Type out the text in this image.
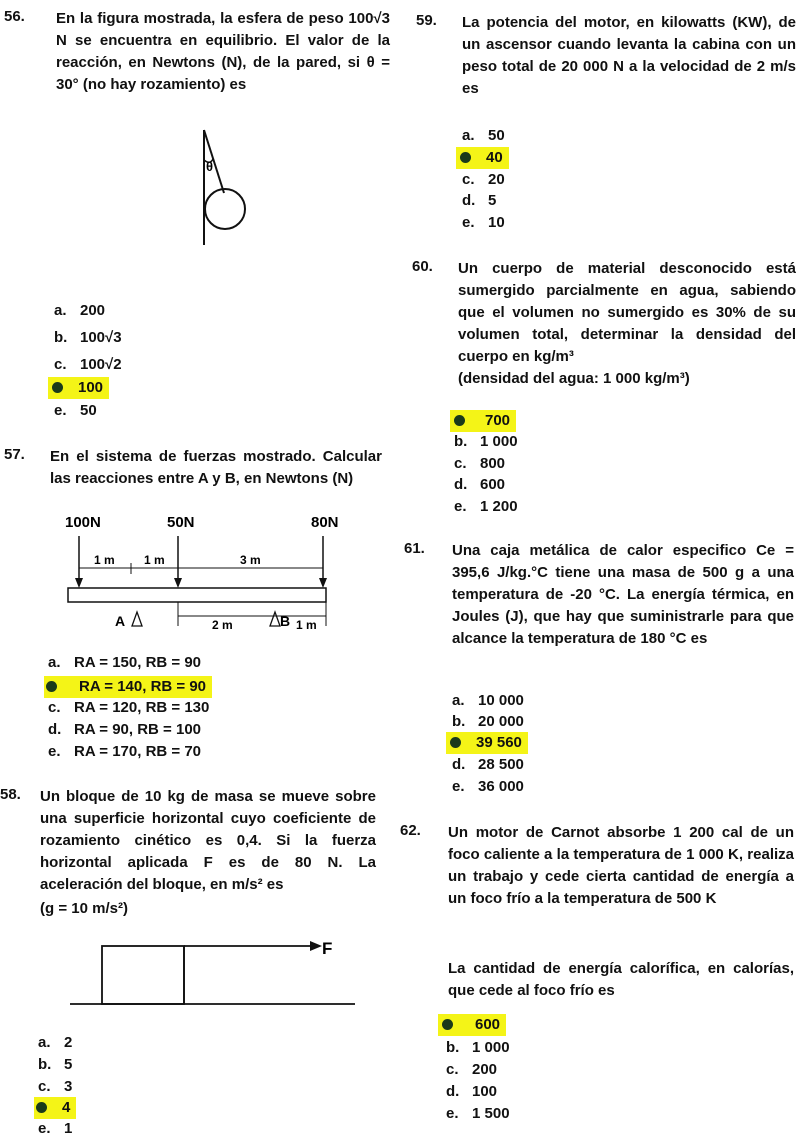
56. En la figura mostrada, la esfera de peso 100√3 N se encuentra en equilibrio. El valor de la reacción, en Newtons (N), de la pared, si θ = 30° (no hay rozamiento) es
θ
a. 200
b. 100√3
c. 100√2
100
e. 50
57. En el sistema de fuerzas mostrado. Calcular las reacciones entre A y B, en Newtons (N)
100N	50N	80N
1 m 1 m	3 m
A	B
2 m	1 m
a. RA = 150, RB = 90
RA = 140, RB = 90
c. RA = 120, RB = 130
d. RA = 90, RB = 100
e. RA = 170, RB = 70
58. Un bloque de 10 kg de masa se mueve sobre una superficie horizontal cuyo coeficiente de rozamiento cinético es 0,4. Si la fuerza horizontal aplicada F es de 80 N. La aceleración del bloque, en m/s² es
(g = 10 m/s²)
F
a. 2
b. 5
c. 3
4
e. 1
59. La potencia del motor, en kilowatts (KW), de un ascensor cuando levanta la cabina con un peso total de 20 000 N a la velocidad de 2 m/s es
a. 50
40
c. 20
d. 5
e. 10
60. Un cuerpo de material desconocido está sumergido parcialmente en agua, sabiendo que el volumen no sumergido es 30% de su volumen total, determinar la densidad del cuerpo en kg/m³
(densidad del agua: 1 000 kg/m³)
700
b. 1 000
c. 800
d. 600
e. 1 200
61. Una caja metálica de calor especifico Ce = 395,6 J/kg.°C tiene una masa de 500 g a una temperatura de -20 °C. La energía térmica, en Joules (J), que hay que suministrarle para que alcance la temperatura de 180 °C es
a. 10 000
b. 20 000
39 560
d. 28 500
e. 36 000
62. Un motor de Carnot absorbe 1 200 cal de un foco caliente a la temperatura de 1 000 K, realiza un trabajo y cede cierta cantidad de energía a un foco frío a la temperatura de 500 K
La cantidad de energía calorífica, en calorías, que cede al foco frío es
600
b. 1 000
c. 200
d. 100
e. 1 500
